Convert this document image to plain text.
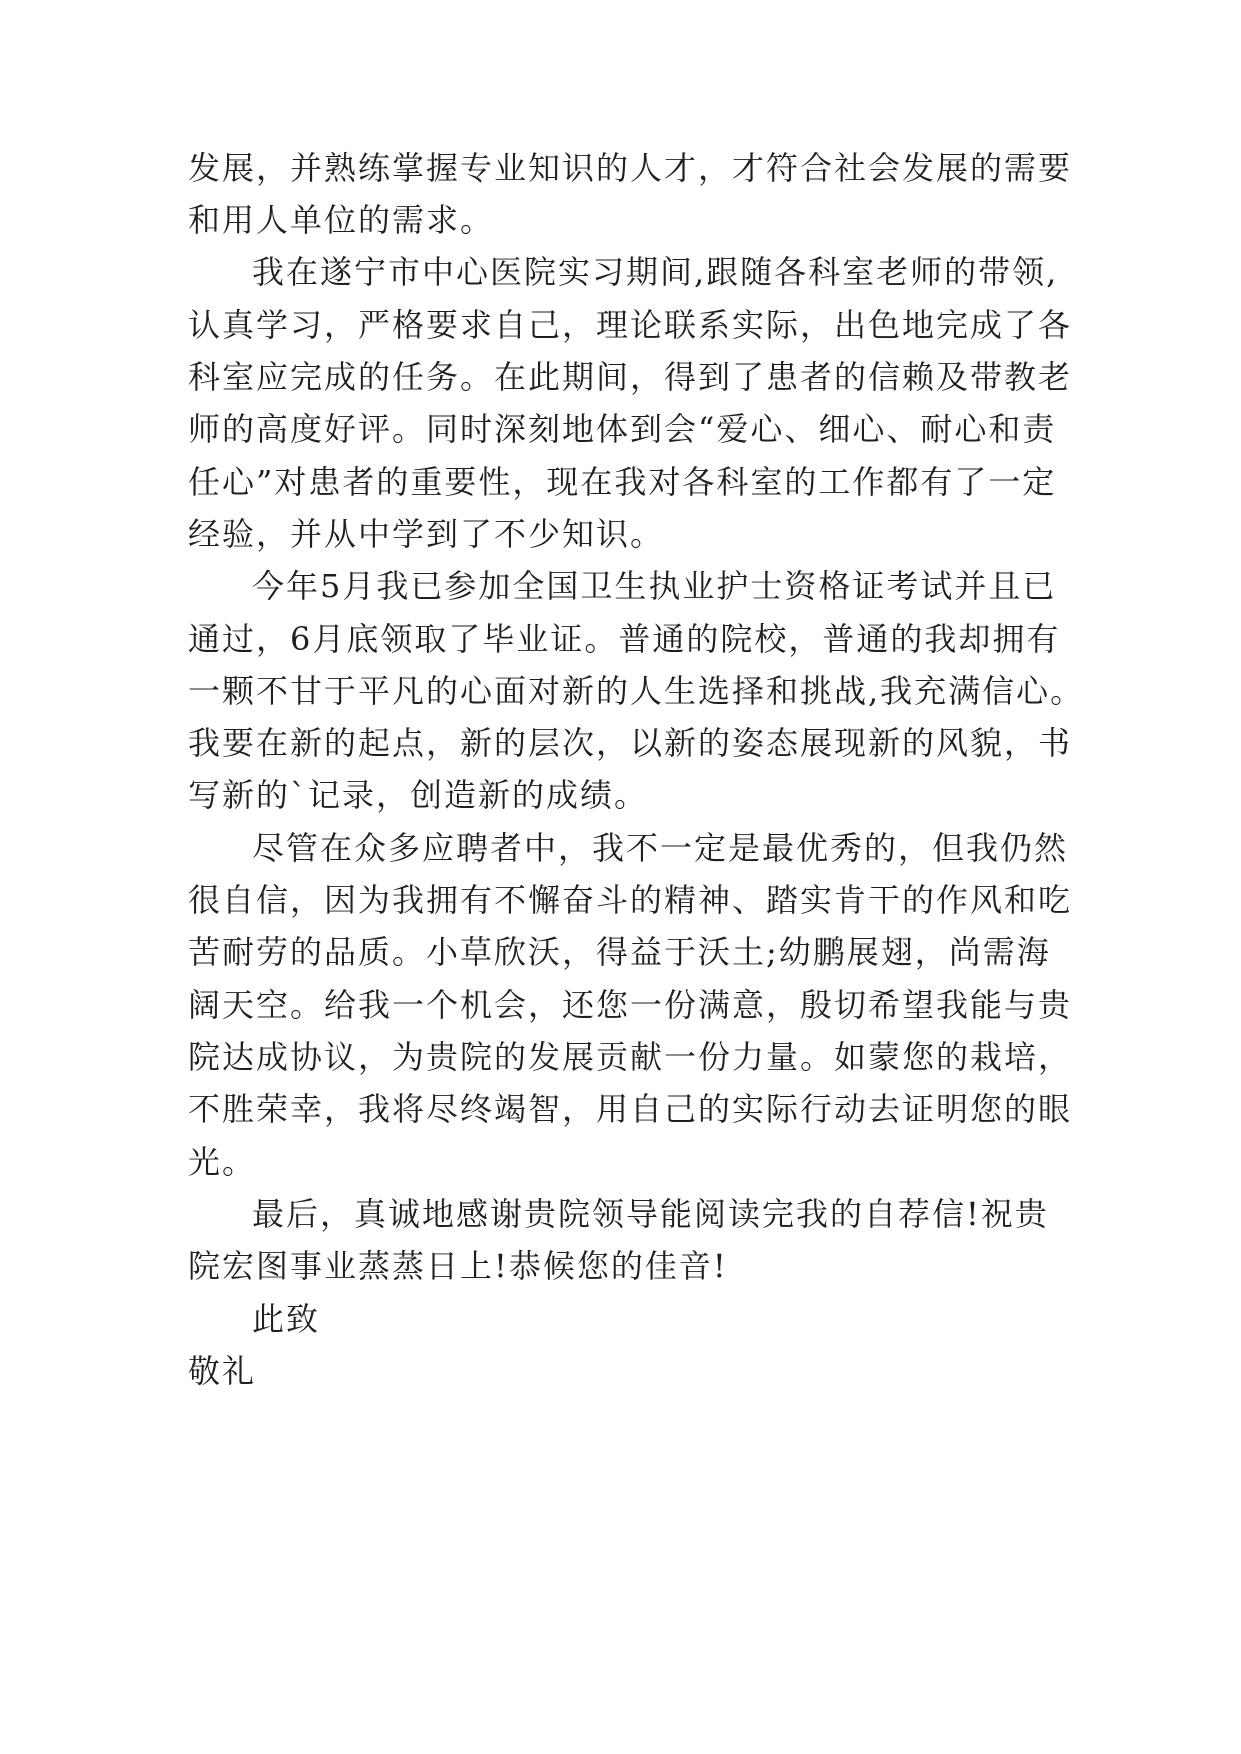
发展，并熟练掌握专业知识的人才，才符合社会发展的需要
和用人单位的需求。
我在遂宁市中心医院实习期间,跟随各科室老师的带领,
认真学习，严格要求自己，理论联系实际，出色地完成了各
科室应完成的任务。在此期间，得到了患者的信赖及带教老
师的高度好评。同时深刻地体到会“爱心、细心、耐心和责
任心”对患者的重要性，现在我对各科室的工作都有了一定
经验，并从中学到了不少知识。
今年5月我已参加全国卫生执业护士资格证考试并且已
通过，6月底领取了毕业证。普通的院校，普通的我却拥有
一颗不甘于平凡的心面对新的人生选择和挑战,我充满信心。
我要在新的起点，新的层次，以新的姿态展现新的风貌，书
写新的`记录，创造新的成绩。
尽管在众多应聘者中，我不一定是最优秀的，但我仍然
很自信，因为我拥有不懈奋斗的精神、踏实肯干的作风和吃
苦耐劳的品质。小草欣沃，得益于沃土;幼鹏展翅，尚需海
阔天空。给我一个机会，还您一份满意，殷切希望我能与贵
院达成协议，为贵院的发展贡献一份力量。如蒙您的栽培，
不胜荣幸，我将尽终竭智，用自己的实际行动去证明您的眼
光。
最后，真诚地感谢贵院领导能阅读完我的自荐信!祝贵
院宏图事业蒸蒸日上!恭候您的佳音!
此致
敬礼
